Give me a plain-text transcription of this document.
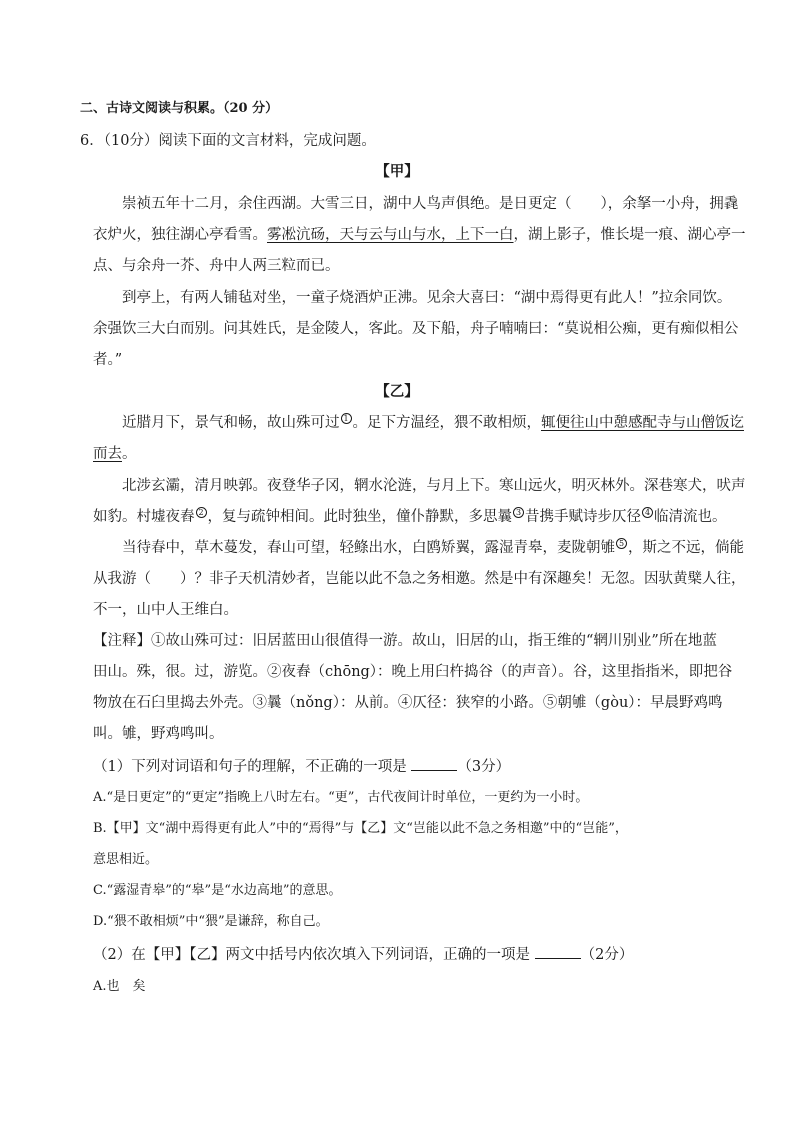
二、古诗文阅读与积累。（20 分）
6．（10分）阅读下面的文言材料，完成问题。
【甲】
崇祯五年十二月，余住西湖。大雪三日，湖中人鸟声俱绝。是日更定（　　），余拏一小舟，拥毳
衣炉火，独往湖心亭看雪。雾凇沆砀，天与云与山与水，上下一白，湖上影子，惟长堤一痕、湖心亭一
点、与余舟一芥、舟中人两三粒而已。
到亭上，有两人铺毡对坐，一童子烧酒炉正沸。见余大喜曰：“湖中焉得更有此人！”拉余同饮。
余强饮三大白而别。问其姓氏，是金陵人，客此。及下船，舟子喃喃曰：“莫说相公痴，更有痴似相公
者。”
【乙】
近腊月下，景气和畅，故山殊可过 1 。足下方温经，猥不敢相烦，辄便往山中憩感配寺与山僧饭讫
而去。
北涉玄灞，清月映郭。夜登华子冈，辋水沦涟，与月上下。寒山远火，明灭林外。深巷寒犬，吠声
如豹。村墟夜舂 2 ，复与疏钟相间。此时独坐，僮仆静默，多思曩 3 昔携手赋诗步仄径 4 临清流也。
当待春中，草木蔓发，春山可望，轻鲦出水，白鸥矫翼，露湿青皋，麦陇朝雊 5 ，斯之不远，倘能
从我游（　　）？非子天机清妙者，岂能以此不急之务相邀。然是中有深趣矣！无忽。因驮黄檗人往，
不一，山中人王维白。
【注释】①故山殊可过：旧居蓝田山很值得一游。故山，旧居的山，指王维的“辋川别业”所在地蓝
田山。殊，很。过，游览。②夜舂（chōng）：晚上用臼杵捣谷（的声音）。谷，这里指指米，即把谷
物放在石臼里捣去外壳。③曩（nǒng）：从前。④仄径：狭窄的小路。⑤朝雊（gòu）：早晨野鸡鸣
叫。雊，野鸡鸣叫。
（1）下列对词语和句子的理解，不正确的一项是	（3分）
A.“是日更定”的“更定”指晚上八时左右。“更”，古代夜间计时单位，一更约为一小时。
B.【甲】文“湖中焉得更有此人”中的“焉得”与【乙】文“岂能以此不急之务相邀”中的“岂能”，
意思相近。
C.“露湿青皋”的“皋”是“水边高地”的意思。
D.“猥不敢相烦”中“猥”是谦辞，称自己。
（2）在【甲】【乙】两文中括号内依次填入下列词语，正确的一项是	（2分）
A.也　矣
